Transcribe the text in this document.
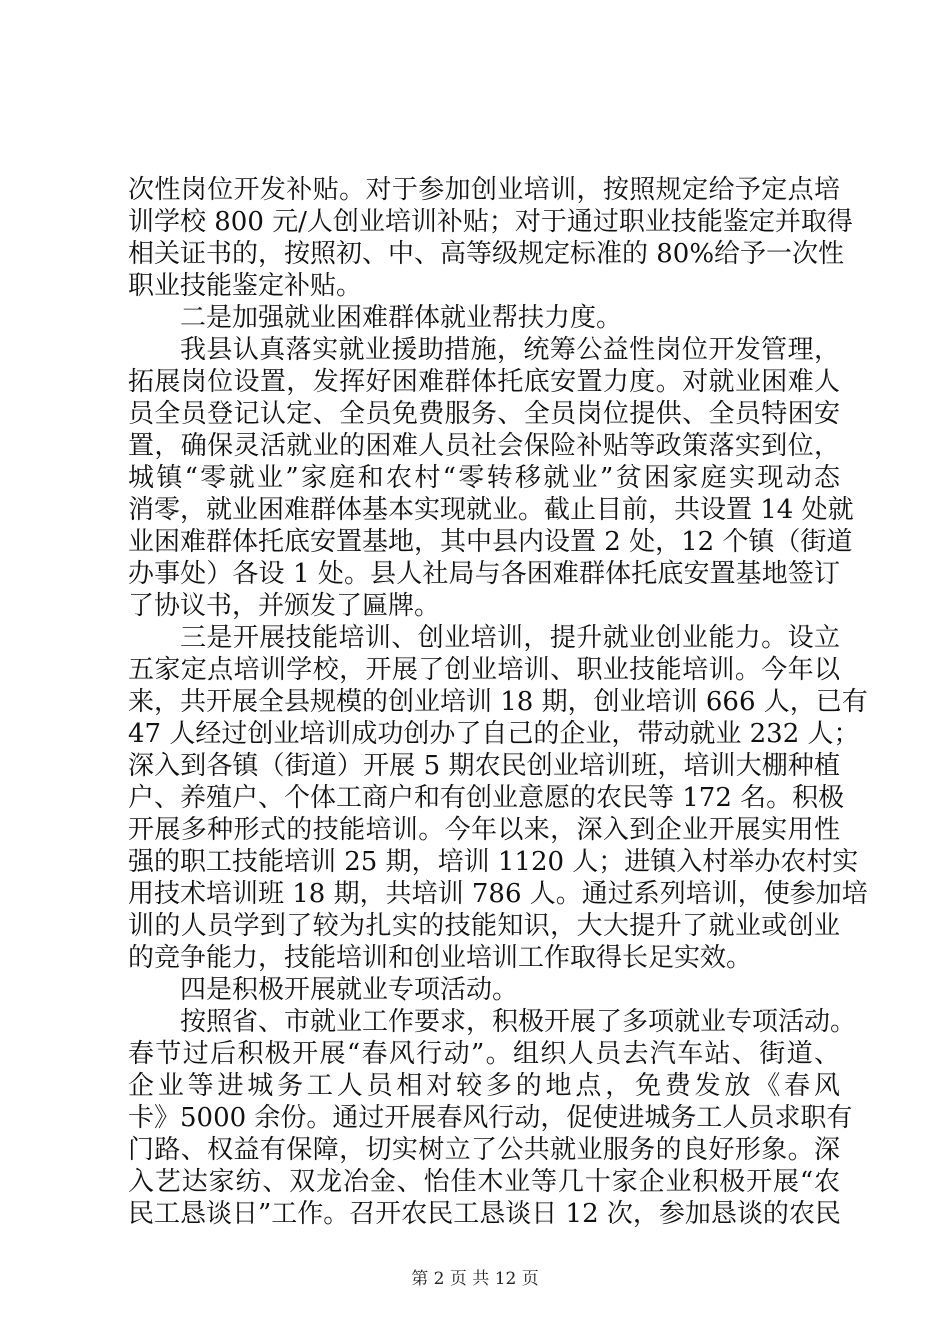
次性岗位开发补贴。对于参加创业培训，按照规定给予定点培
训学校 800 元/人创业培训补贴；对于通过职业技能鉴定并取得
相关证书的，按照初、中、高等级规定标准的 80%给予一次性
职业技能鉴定补贴。
二是加强就业困难群体就业帮扶力度。
我县认真落实就业援助措施，统筹公益性岗位开发管理，
拓展岗位设置，发挥好困难群体托底安置力度。对就业困难人
员全员登记认定、全员免费服务、全员岗位提供、全员特困安
置，确保灵活就业的困难人员社会保险补贴等政策落实到位，
城镇“零就业”家庭和农村“零转移就业”贫困家庭实现动态
消零，就业困难群体基本实现就业。截止目前，共设置 14 处就
业困难群体托底安置基地，其中县内设置 2 处，12 个镇（街道
办事处）各设 1 处。县人社局与各困难群体托底安置基地签订
了协议书，并颁发了匾牌。
三是开展技能培训、创业培训，提升就业创业能力。设立
五家定点培训学校，开展了创业培训、职业技能培训。今年以
来，共开展全县规模的创业培训 18 期，创业培训 666 人，已有
47 人经过创业培训成功创办了自己的企业，带动就业 232 人；
深入到各镇（街道）开展 5 期农民创业培训班，培训大棚种植
户、养殖户、个体工商户和有创业意愿的农民等 172 名。积极
开展多种形式的技能培训。今年以来，深入到企业开展实用性
强的职工技能培训 25 期，培训 1120 人；进镇入村举办农村实
用技术培训班 18 期，共培训 786 人。通过系列培训，使参加培
训的人员学到了较为扎实的技能知识，大大提升了就业或创业
的竞争能力，技能培训和创业培训工作取得长足实效。
四是积极开展就业专项活动。
按照省、市就业工作要求，积极开展了多项就业专项活动。
春节过后积极开展“春风行动”。组织人员去汽车站、街道、
企业等进城务工人员相对较多的地点，免费发放《春风
卡》5000 余份。通过开展春风行动，促使进城务工人员求职有
门路、权益有保障，切实树立了公共就业服务的良好形象。深
入艺达家纺、双龙冶金、怡佳木业等几十家企业积极开展“农
民工恳谈日”工作。召开农民工恳谈日 12 次，参加恳谈的农民
第 2 页 共 12 页
